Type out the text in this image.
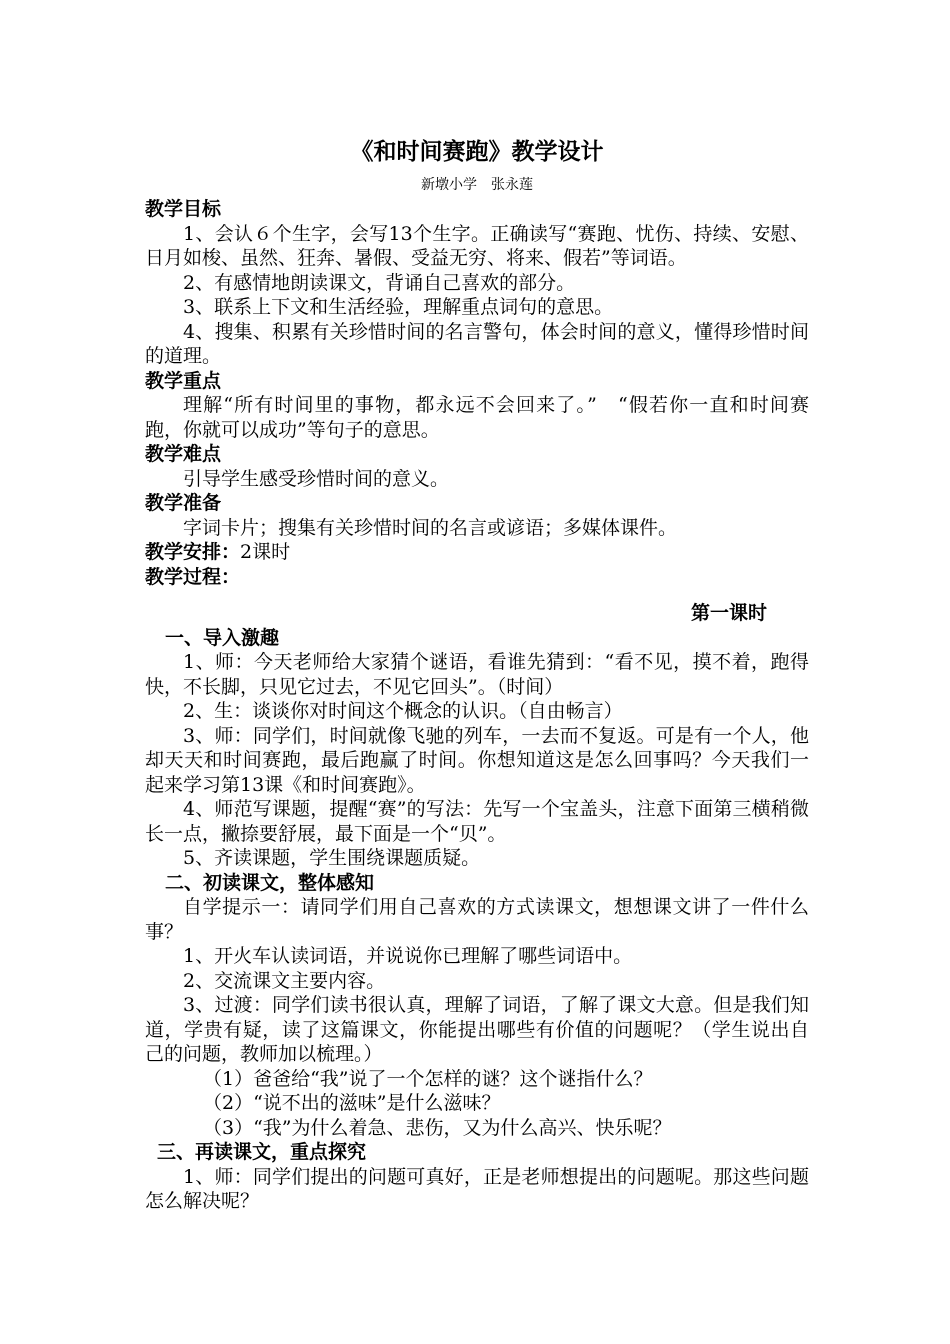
《和时间赛跑》教学设计
新墩小学　张永莲
教学目标
1、会认６个生字，会写13个生字。正确读写“赛跑、忧伤、持续、安慰、日月如梭、虽然、狂奔、暑假、受益无穷、将来、假若”等词语。
2、有感情地朗读课文，背诵自己喜欢的部分。
3、联系上下文和生活经验，理解重点词句的意思。
4、搜集、积累有关珍惜时间的名言警句，体会时间的意义，懂得珍惜时间的道理。
教学重点
理解“所有时间里的事物，都永远不会回来了。”　“假若你一直和时间赛跑，你就可以成功”等句子的意思。
教学难点
引导学生感受珍惜时间的意义。
教学准备
字词卡片；搜集有关珍惜时间的名言或谚语；多媒体课件。
教学安排：2课时
教学过程：
第一课时
一、导入激趣
1、师：今天老师给大家猜个谜语，看谁先猜到：“看不见，摸不着，跑得快，不长脚，只见它过去，不见它回头”。（时间）
2、生：谈谈你对时间这个概念的认识。（自由畅言）
3、师：同学们，时间就像飞驰的列车，一去而不复返。可是有一个人，他却天天和时间赛跑，最后跑赢了时间。你想知道这是怎么回事吗？今天我们一起来学习第13课《和时间赛跑》。
4、师范写课题，提醒“赛”的写法：先写一个宝盖头，注意下面第三横稍微长一点，撇捺要舒展，最下面是一个“贝”。
5、齐读课题，学生围绕课题质疑。
二、初读课文，整体感知
自学提示一：请同学们用自己喜欢的方式读课文，想想课文讲了一件什么事？
1、开火车认读词语，并说说你已理解了哪些词语中。
2、交流课文主要内容。
3、过渡：同学们读书很认真，理解了词语，了解了课文大意。但是我们知道，学贵有疑，读了这篇课文，你能提出哪些有价值的问题呢？（学生说出自己的问题，教师加以梳理。）
（1）爸爸给“我”说了一个怎样的谜？这个谜指什么？
（2）“说不出的滋味”是什么滋味？
（3）“我”为什么着急、悲伤，又为什么高兴、快乐呢？
三、再读课文，重点探究
1、师：同学们提出的问题可真好，正是老师想提出的问题呢。那这些问题怎么解决呢？
